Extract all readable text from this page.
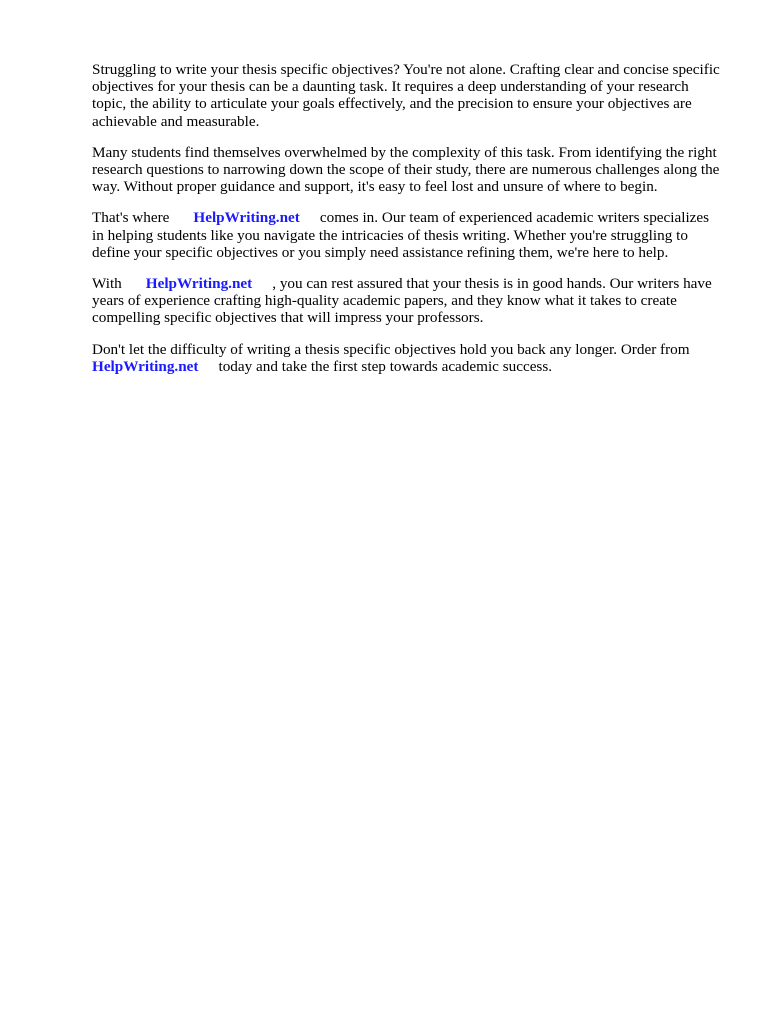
Struggling to write your thesis specific objectives? You're not alone. Crafting clear and concise specific objectives for your thesis can be a daunting task. It requires a deep understanding of your research topic, the ability to articulate your goals effectively, and the precision to ensure your objectives are achievable and measurable.

Many students find themselves overwhelmed by the complexity of this task. From identifying the right research questions to narrowing down the scope of their study, there are numerous challenges along the way. Without proper guidance and support, it's easy to feel lost and unsure of where to begin.

That's where HelpWriting.net comes in. Our team of experienced academic writers specializes in helping students like you navigate the intricacies of thesis writing. Whether you're struggling to define your specific objectives or you simply need assistance refining them, we're here to help.

With HelpWriting.net , you can rest assured that your thesis is in good hands. Our writers have years of experience crafting high-quality academic papers, and they know what it takes to create compelling specific objectives that will impress your professors.

Don't let the difficulty of writing a thesis specific objectives hold you back any longer. Order from HelpWriting.net today and take the first step towards academic success.
